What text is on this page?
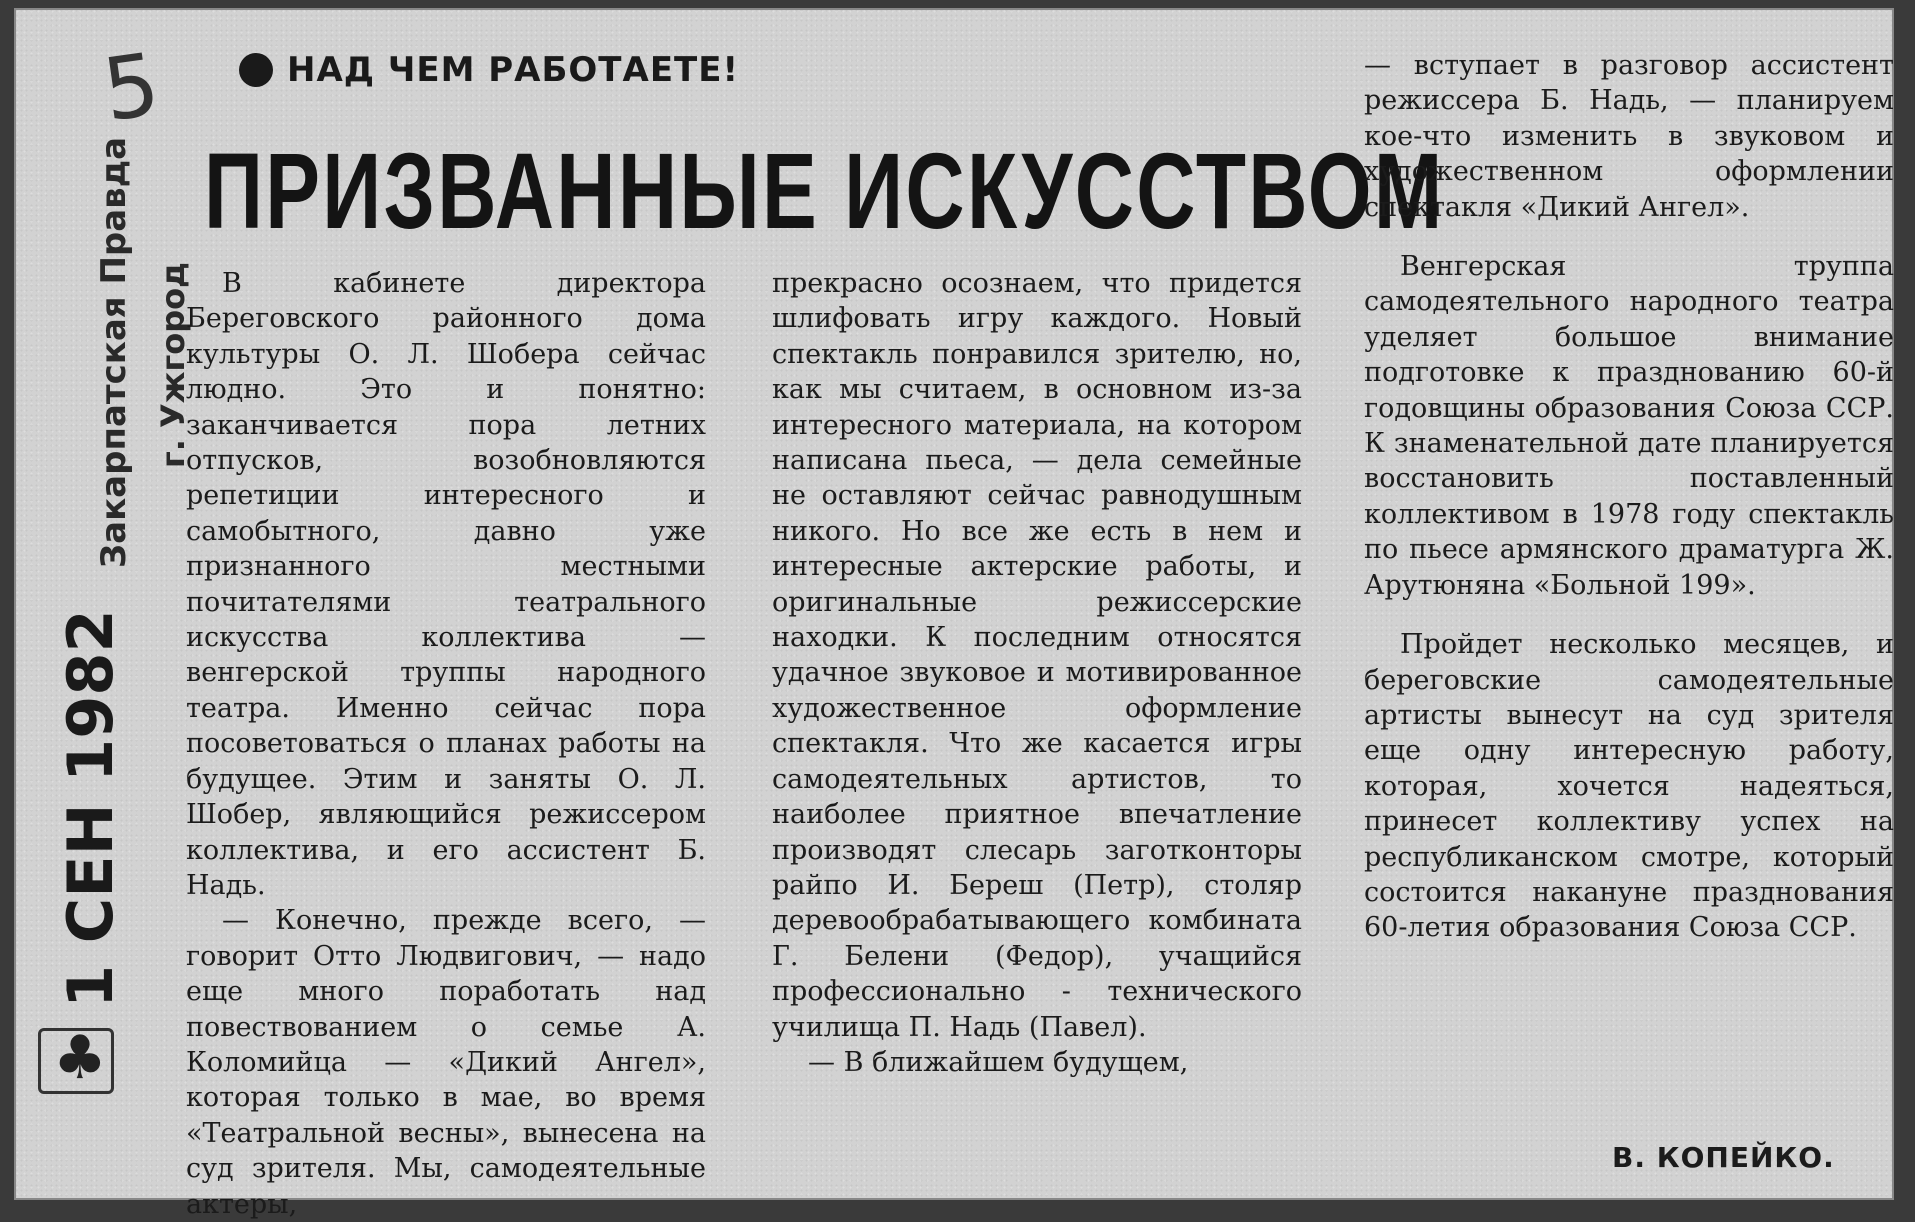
5
Закарпатская Правда г. Ужгород
1 СЕН 1982
♣
НАД ЧЕМ РАБОТАЕТЕ!
ПРИЗВАННЫЕ ИСКУССТВОМ

В кабинете директора Береговского районного дома культуры О. Л. Шобера сейчас людно. Это и понятно: заканчивается пора летних отпусков, возобновляются репетиции интересного и самобытного, давно уже признанного местными почитателями театрального искусства коллектива — венгерской труппы народного театра. Именно сейчас пора посоветоваться о планах работы на будущее. Этим и заняты О. Л. Шобер, являющийся режиссером коллектива, и его ассистент Б. Надь.

— Конечно, прежде всего, — говорит Отто Людвигович, — надо еще много поработать над повествованием о семье А. Коломийца — «Дикий Ангел», которая только в мае, во время «Театральной весны», вынесена на суд зрителя. Мы, самодеятельные актеры,

прекрасно осознаем, что придется шлифовать игру каждого. Новый спектакль понравился зрителю, но, как мы считаем, в основном из-за интересного материала, на котором написана пьеса, — дела семейные не оставляют сейчас равнодушным никого. Но все же есть в нем и интересные актерские работы, и оригинальные режиссерские находки. К последним относятся удачное звуковое и мотивированное художественное оформление спектакля. Что же касается игры самодеятельных артистов, то наиболее приятное впечатление производят слесарь заготконторы райпо И. Береш (Петр), столяр деревообрабатывающего комбината Г. Белени (Федор), учащийся профессионально - технического училища П. Надь (Павел).

— В ближайшем будущем,

— вступает в разговор ассистент режиссера Б. Надь, — планируем кое-что изменить в звуковом и художественном оформлении спектакля «Дикий Ангел».

Венгерская труппа самодеятельного народного театра уделяет большое внимание подготовке к празднованию 60-й годовщины образования Союза ССР. К знаменательной дате планируется восстановить поставленный коллективом в 1978 году спектакль по пьесе армянского драматурга Ж. Арутюняна «Больной 199».

Пройдет несколько месяцев, и береговские самодеятельные артисты вынесут на суд зрителя еще одну интересную работу, которая, хочется надеяться, принесет коллективу успех на республиканском смотре, который состоится накануне празднования 60-летия образования Союза ССР.

В. КОПЕЙКО.
